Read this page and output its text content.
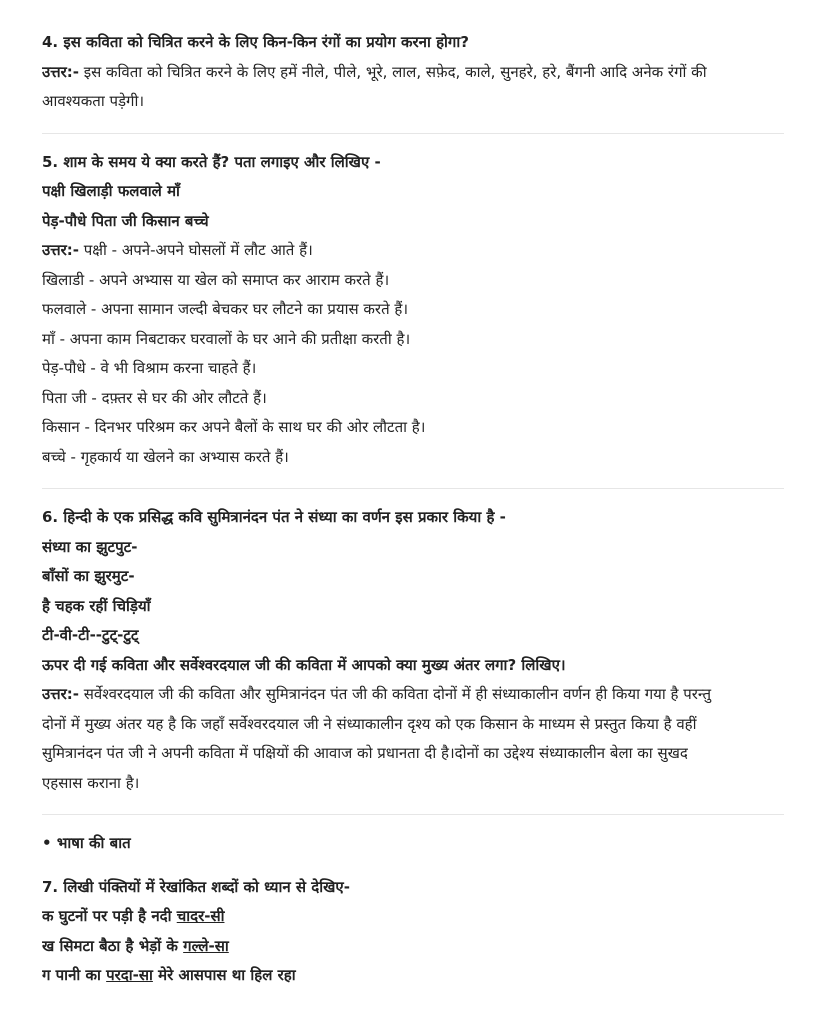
4. इस कविता को चित्रित करने के लिए किन-किन रंगों का प्रयोग करना होगा?
उत्तर:- इस कविता को चित्रित करने के लिए हमें नीले, पीले, भूरे, लाल, सफ़ेद, काले, सुनहरे, हरे, बैंगनी आदि अनेक रंगों की
आवश्यकता पड़ेगी।
5. शाम के समय ये क्या करते हैं? पता लगाइए और लिखिए -
पक्षी खिलाड़ी फलवाले माँ
पेड़-पौधे पिता जी किसान बच्चे
उत्तर:- पक्षी - अपने-अपने घोसलों में लौट आते हैं।
खिलाडी - अपने अभ्यास या खेल को समाप्त कर आराम करते हैं।
फलवाले - अपना सामान जल्दी बेचकर घर लौटने का प्रयास करते हैं।
माँ - अपना काम निबटाकर घरवालों के घर आने की प्रतीक्षा करती है।
पेड़-पौधे - वे भी विश्राम करना चाहते हैं।
पिता जी - दफ़्तर से घर की ओर लौटते हैं।
किसान - दिनभर परिश्रम कर अपने बैलों के साथ घर की ओर लौटता है।
बच्चे - गृहकार्य या खेलने का अभ्यास करते हैं।
6. हिन्दी के एक प्रसिद्ध कवि सुमित्रानंदन पंत ने संध्या का वर्णन इस प्रकार किया है -
संध्या का झुटपुट-
बाँसों का झुरमुट-
है चहक रहीं चिड़ियाँ
टी-वी-टी--टुट्-टुट्
ऊपर दी गई कविता और सर्वेश्वरदयाल जी की कविता में आपको क्या मुख्य अंतर लगा? लिखिए।
उत्तर:- सर्वेश्वरदयाल जी की कविता और सुमित्रानंदन पंत जी की कविता दोनों में ही संध्याकालीन वर्णन ही किया गया है परन्तु
दोनों में मुख्य अंतर यह है कि जहाँ सर्वेश्वरदयाल जी ने संध्याकालीन दृश्य को एक किसान के माध्यम से प्रस्तुत किया है वहीं
सुमित्रानंदन पंत जी ने अपनी कविता में पक्षियों की आवाज को प्रधानता दी है।दोनों का उद्देश्य संध्याकालीन बेला का सुखद
एहसास कराना है।
• भाषा की बात
7. लिखी पंक्तियों में रेखांकित शब्दों को ध्यान से देखिए-
क घुटनों पर पड़ी है नदी चादर-सी
ख सिमटा बैठा है भेड़ों के गल्ले-सा
ग पानी का परदा-सा मेरे आसपास था हिल रहा
